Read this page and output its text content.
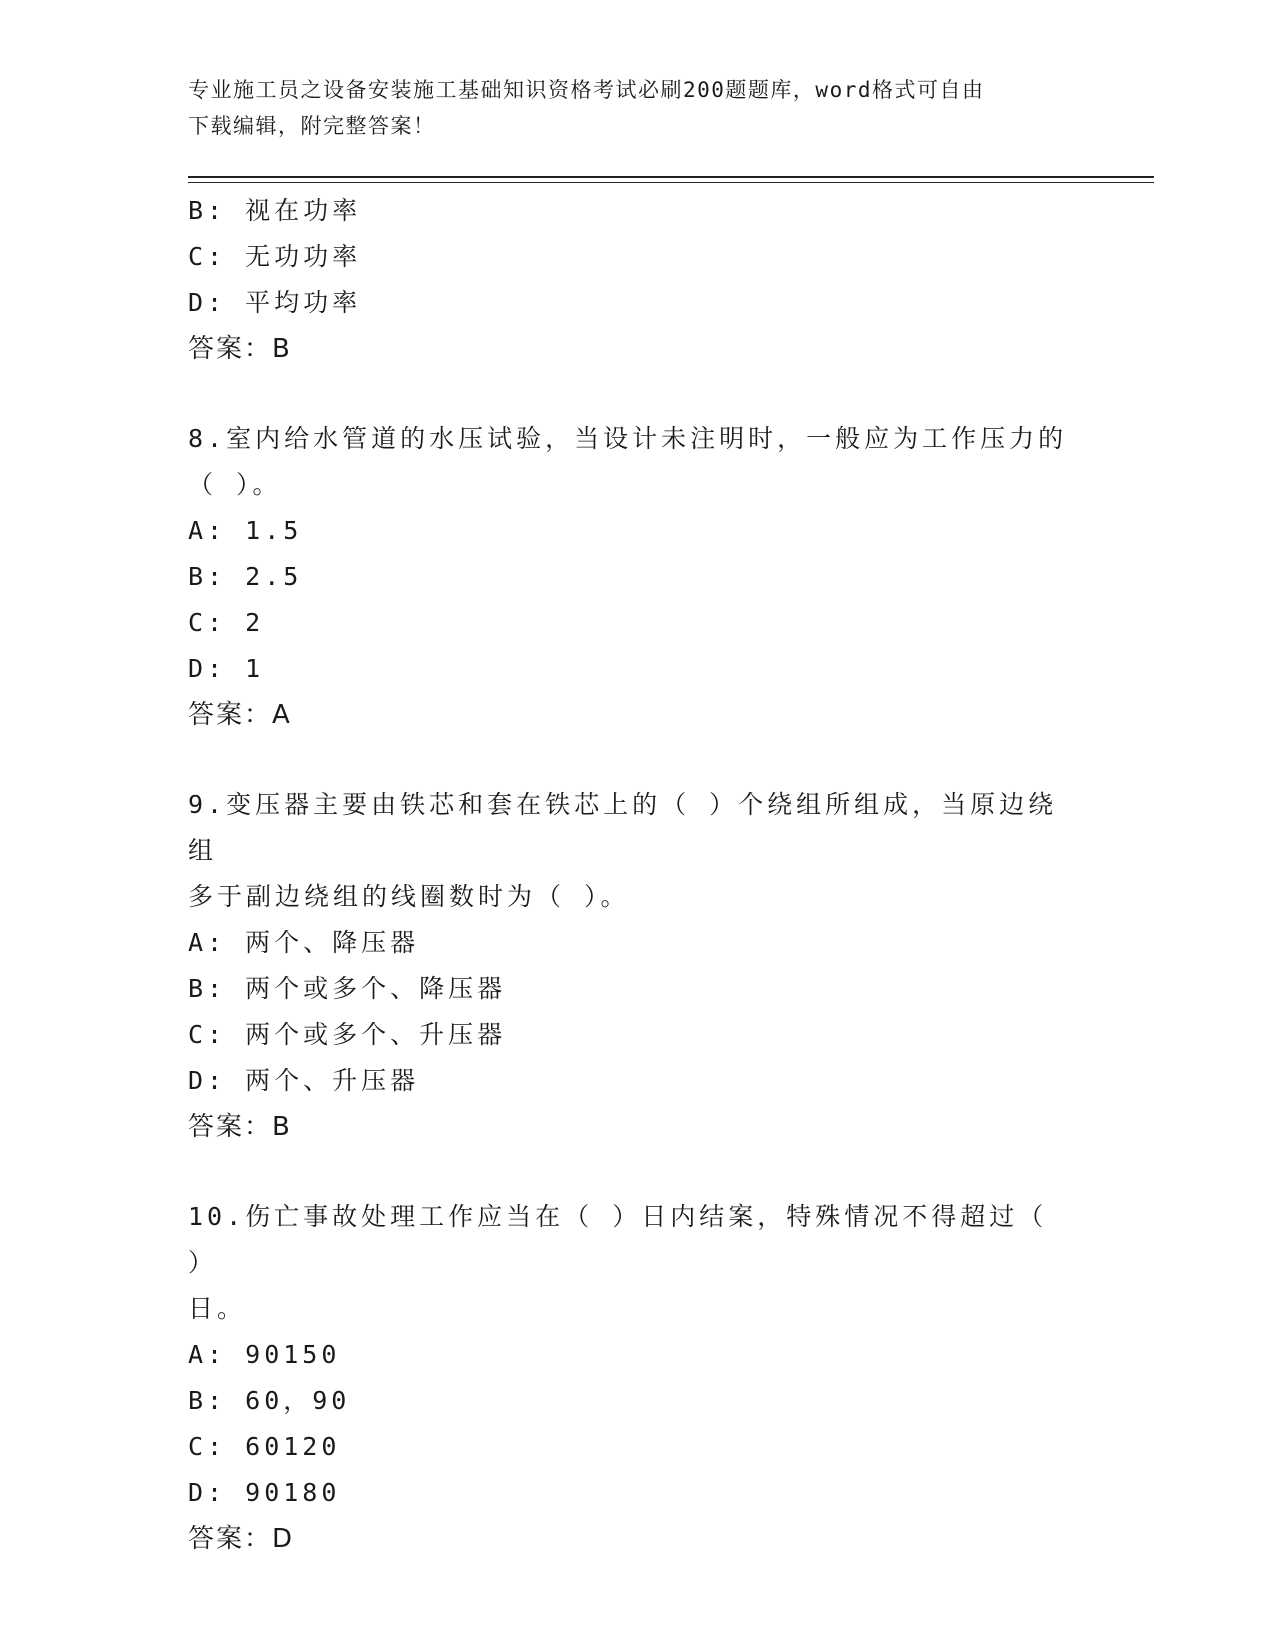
专业施工员之设备安装施工基础知识资格考试必刷200题题库，word格式可自由
下载编辑，附完整答案！
B: 视在功率
C: 无功功率
D: 平均功率
答案：B
8.室内给水管道的水压试验，当设计未注明时，一般应为工作压力的
（ ）。
A: 1.5
B: 2.5
C: 2
D: 1
答案：A
9.变压器主要由铁芯和套在铁芯上的（ ）个绕组所组成，当原边绕组
多于副边绕组的线圈数时为（ ）。
A: 两个、降压器
B: 两个或多个、降压器
C: 两个或多个、升压器
D: 两个、升压器
答案：B
10.伤亡事故处理工作应当在（ ）日内结案，特殊情况不得超过（ ）
日。
A: 90150
B: 60，90
C: 60120
D: 90180
答案：D
